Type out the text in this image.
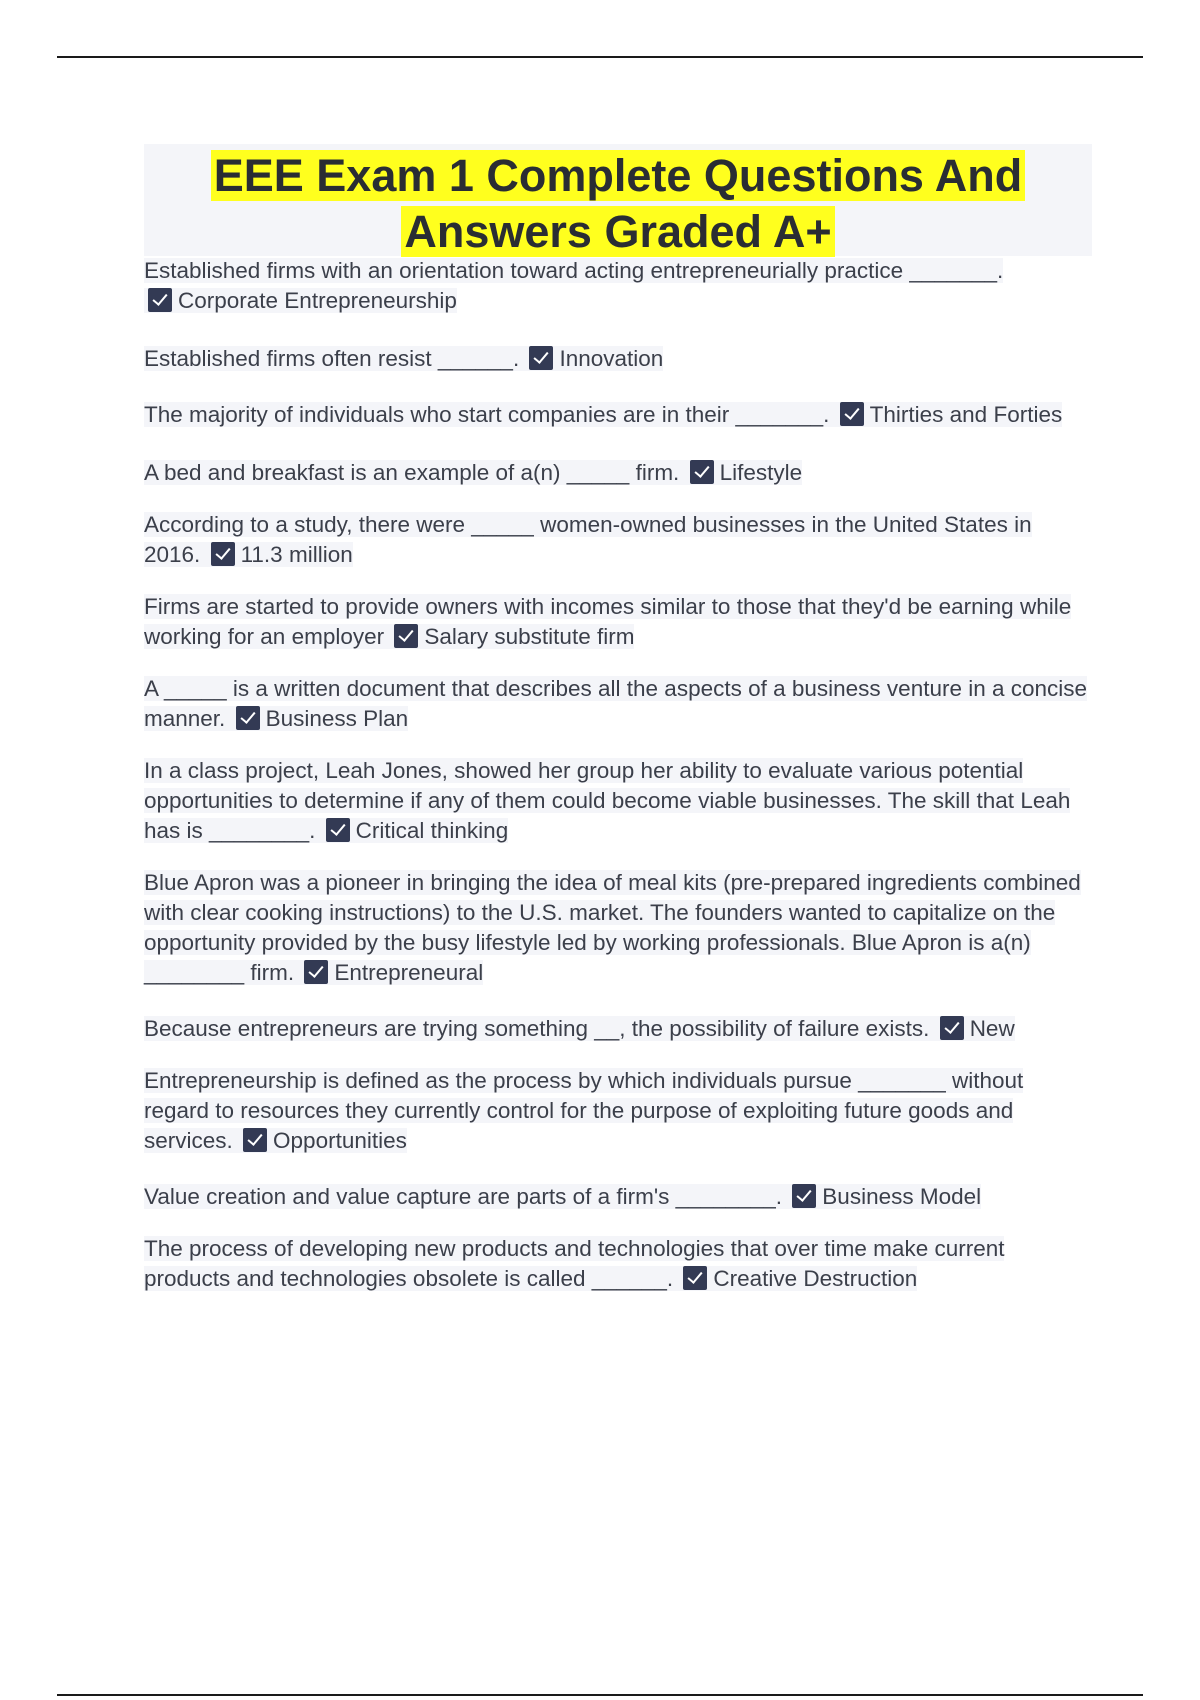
EEE Exam 1 Complete Questions And Answers Graded A+

Established firms with an orientation toward acting entrepreneurially practice _______.
Corporate Entrepreneurship

Established firms often resist ______. Innovation

The majority of individuals who start companies are in their _______. Thirties and Forties

A bed and breakfast is an example of a(n) _____ firm. Lifestyle

According to a study, there were _____ women-owned businesses in the United States in 2016. 11.3 million

Firms are started to provide owners with incomes similar to those that they'd be earning while working for an employer Salary substitute firm

A _____ is a written document that describes all the aspects of a business venture in a concise manner. Business Plan

In a class project, Leah Jones, showed her group her ability to evaluate various potential opportunities to determine if any of them could become viable businesses. The skill that Leah has is ________. Critical thinking

Blue Apron was a pioneer in bringing the idea of meal kits (pre-prepared ingredients combined with clear cooking instructions) to the U.S. market. The founders wanted to capitalize on the opportunity provided by the busy lifestyle led by working professionals. Blue Apron is a(n) ________ firm. Entrepreneural

Because entrepreneurs are trying something __, the possibility of failure exists. New

Entrepreneurship is defined as the process by which individuals pursue _______ without regard to resources they currently control for the purpose of exploiting future goods and services. Opportunities

Value creation and value capture are parts of a firm's ________. Business Model

The process of developing new products and technologies that over time make current products and technologies obsolete is called ______. Creative Destruction
